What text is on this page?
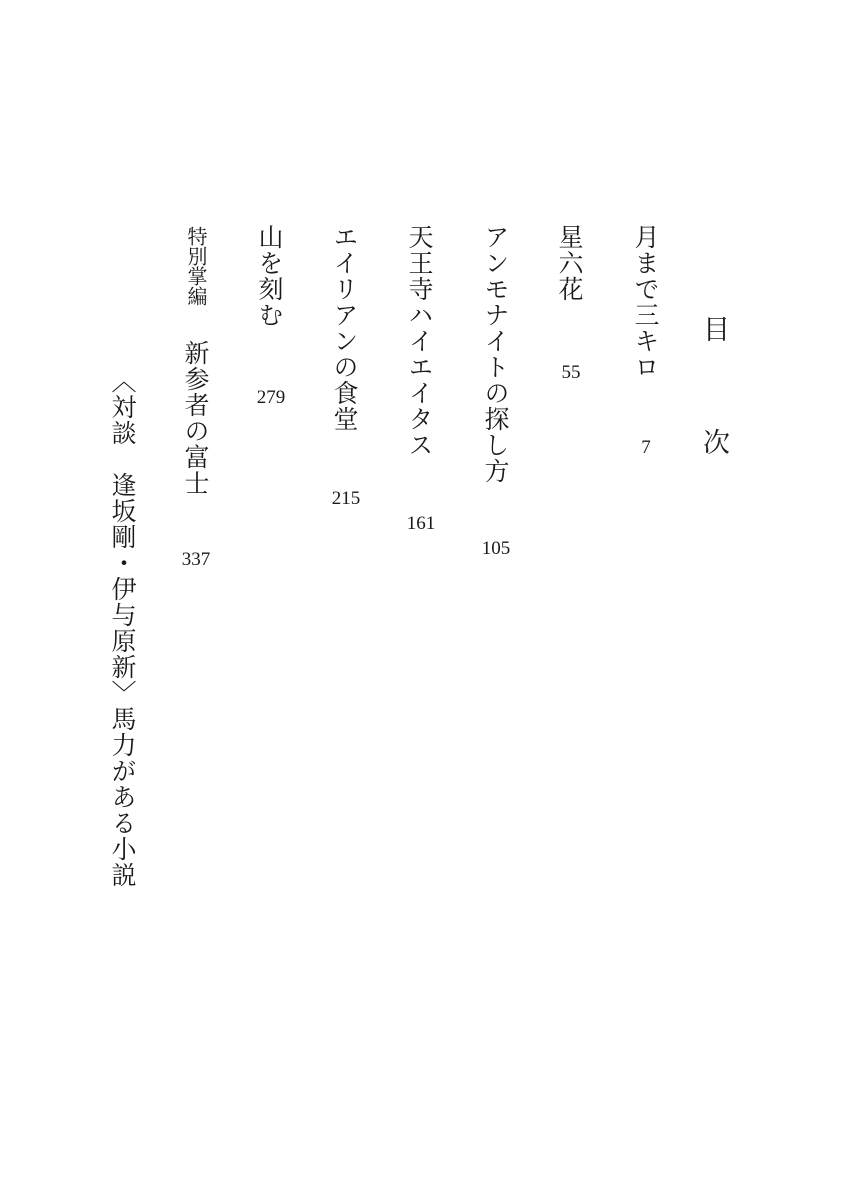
目
次
月まで三キロ
7
星六花
55
アンモナイトの探し方
105
天王寺ハイエイタス
161
エイリアンの食堂
215
山を刻む
279
特別掌編
新参者の富士
337
〈対談　逢坂剛・伊与原新〉馬力がある小説
